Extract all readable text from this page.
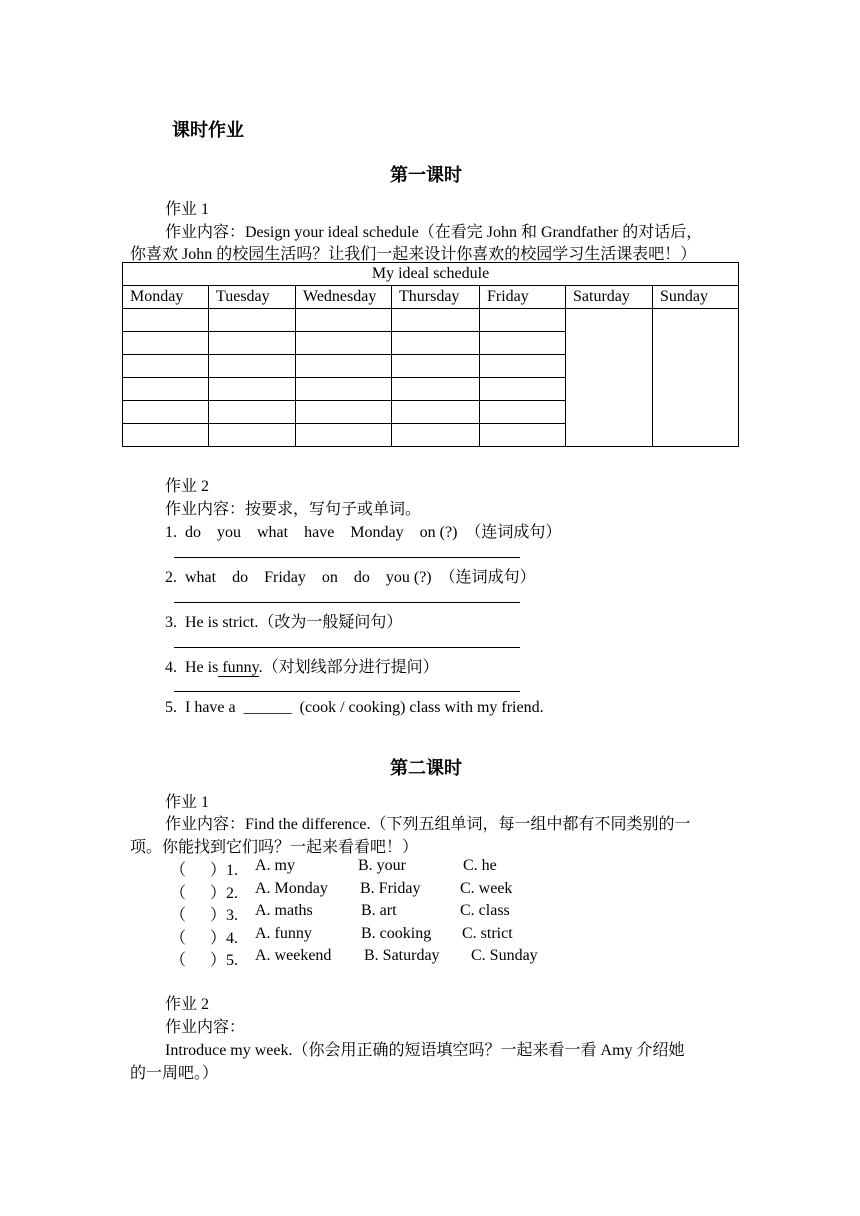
课时作业
第一课时
作业 1
作业内容：Design your ideal schedule（在看完 John 和 Grandfather 的对话后，
你喜欢 John 的校园生活吗？让我们一起来设计你喜欢的校园学习生活课表吧！）
My ideal schedule						
Monday	Tuesday	Wednesday	Thursday	Friday	Saturday	Sunday

作业 2
作业内容：按要求，写句子或单词。
1.  do    you    what    have    Monday    on (?)  （连词成句）
2.  what    do    Friday    on    do    you (?)  （连词成句）
3.  He is strict.（改为一般疑问句）
4.  He is funny.（对划线部分进行提问）
5.  I have a ______ (cook / cooking) class with my friend.
第二课时
作业 1
作业内容：Find the difference.（下列五组单词，每一组中都有不同类别的一
项。你能找到它们吗？一起来看看吧！）
（      ）1. A. my	B. your	C. he
（      ）2. A. Monday B. Friday C. week
（      ）3. A. maths	B. art	C. class
（      ）4. A. funny	B. cooking C. strict
（      ）5. A. weekend B. Saturday C. Sunday
作业 2
作业内容：
Introduce my week.（你会用正确的短语填空吗？一起来看一看 Amy 介绍她
的一周吧。）
